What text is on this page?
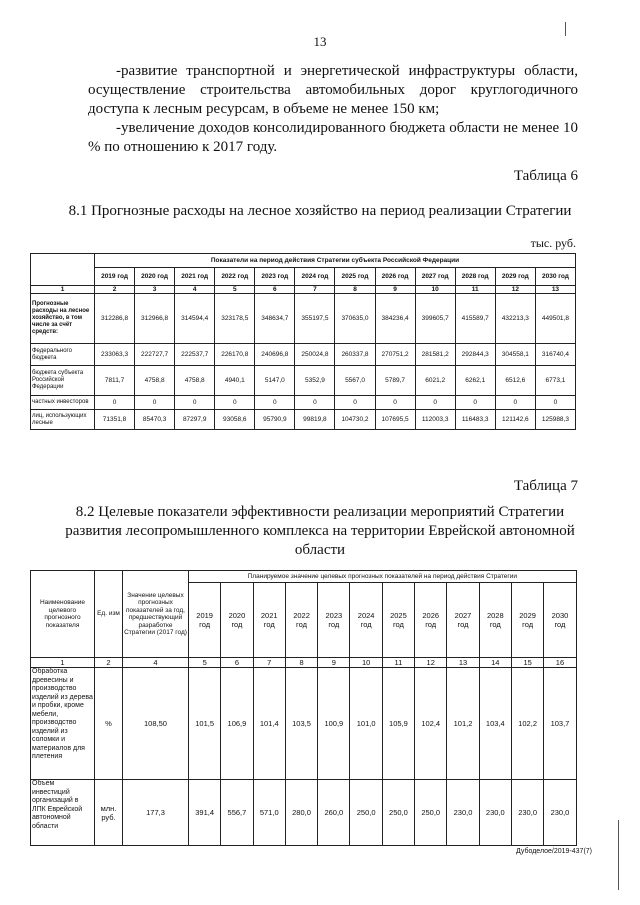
13
-развитие транспортной и энергетической инфраструктуры области, осуществление строительства автомобильных дорог круглогодичного доступа к лесным ресурсам, в объеме не менее 150 км;
-увеличение доходов консолидированного бюджета области не менее 10 % по отношению к 2017 году.
Таблица 6
8.1 Прогнозные расходы на лесное хозяйство на период реализации Стратегии
тыс. руб.
	Показатели на период действия Стратегии субъекта Российской Федерации											
	2019 год	2020 год	2021 год	2022 год	2023 год	2024 год	2025 год	2026 год	2027 год	2028 год	2029 год	2030 год
1	2	3	4	5	6	7	8	9	10	11	12	13
Прогнозные расходы на лесное хозяйство, в том числе за счёт средств:	312286,8	312966,8	314594,4	323178,5	348634,7	355197,5	370635,0	384236,4	399605,7	415589,7	432213,3	449501,8
Федерального бюджета	233063,3	222727,7	222537,7	226170,8	240696,8	250024,8	260337,8	270751,2	281581,2	292844,3	304558,1	316740,4
бюджета субъекта Российской Федерации	7811,7	4758,8	4758,8	4940,1	5147,0	5352,9	5567,0	5789,7	6021,2	6262,1	6512,6	6773,1
частных инвесторов	0	0	0	0	0	0	0	0	0	0	0	0
лиц, использующих лесные	71351,8	85470,3	87297,9	93058,6	95790,9	99819,8	104730,2	107695,5	112003,3	116483,3	121142,6	125988,3
Таблица 7
8.2 Целевые показатели эффективности реализации мероприятий Стратегии развития лесопромышленного комплекса на территории Еврейской автономной области
Наименование целевого прогнозного показателя	Ед. изм	Значение целевых прогнозных показателей за год, предшествующий разработке Стратегии (2017 год)	Планируемое значение целевых прогнозных показателей на период действия Стратегии											
			2019 год	2020 год	2021 год	2022 год	2023 год	2024 год	2025 год	2026 год	2027 год	2028 год	2029 год	2030 год
1	2	4	5	6	7	8	9	10	11	12	13	14	15	16
Обработка древесины и производство изделий из дерева и пробки, кроме мебели, производство изделий из соломки и материалов для плетения	%	108,50	101,5	106,9	101,4	103,5	100,9	101,0	105,9	102,4	101,2	103,4	102,2	103,7
Объем инвестиций организаций в ЛПК Еврейской автономной области	млн. руб.	177,3	391,4	556,7	571,0	280,0	260,0	250,0	250,0	250,0	230,0	230,0	230,0	230,0
Дубоделое/2019-437(7)
